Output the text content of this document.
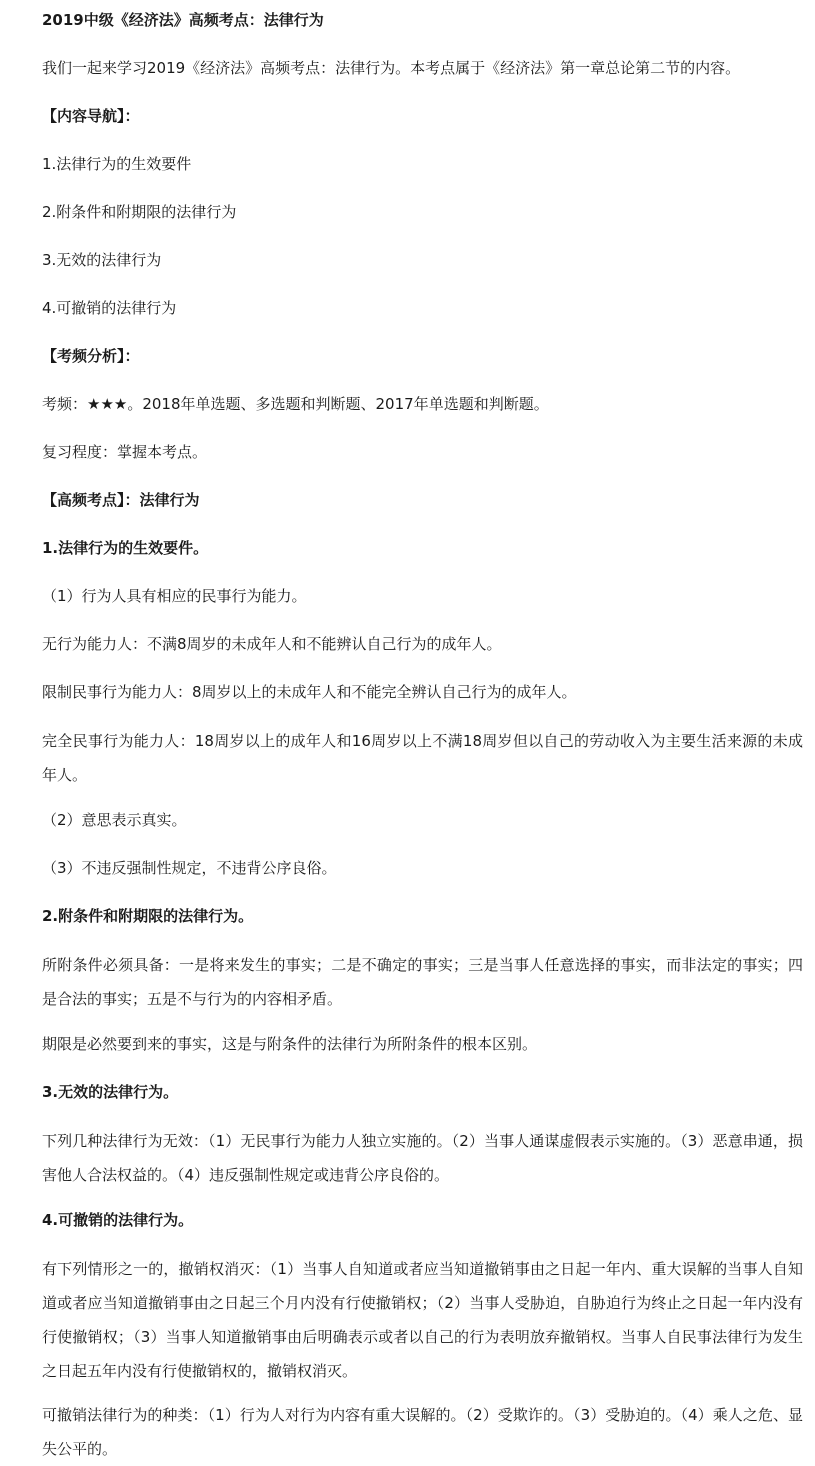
2019中级《经济法》高频考点：法律行为
我们一起来学习2019《经济法》高频考点：法律行为。本考点属于《经济法》第一章总论第二节的内容。
【内容导航】：
1.法律行为的生效要件
2.附条件和附期限的法律行为
3.无效的法律行为
4.可撤销的法律行为
【考频分析】：
考频：★★★。2018年单选题、多选题和判断题、2017年单选题和判断题。
复习程度：掌握本考点。
【高频考点】：法律行为
1.法律行为的生效要件。
（1）行为人具有相应的民事行为能力。
无行为能力人：不满8周岁的未成年人和不能辨认自己行为的成年人。
限制民事行为能力人：8周岁以上的未成年人和不能完全辨认自己行为的成年人。
完全民事行为能力人：18周岁以上的成年人和16周岁以上不满18周岁但以自己的劳动收入为主要生活来源的未成年人。
（2）意思表示真实。
（3）不违反强制性规定，不违背公序良俗。
2.附条件和附期限的法律行为。
所附条件必须具备：一是将来发生的事实；二是不确定的事实；三是当事人任意选择的事实，而非法定的事实；四是合法的事实；五是不与行为的内容相矛盾。
期限是必然要到来的事实，这是与附条件的法律行为所附条件的根本区别。
3.无效的法律行为。
下列几种法律行为无效：（1）无民事行为能力人独立实施的。（2）当事人通谋虚假表示实施的。（3）恶意串通，损害他人合法权益的。（4）违反强制性规定或违背公序良俗的。
4.可撤销的法律行为。
有下列情形之一的，撤销权消灭：（1）当事人自知道或者应当知道撤销事由之日起一年内、重大误解的当事人自知道或者应当知道撤销事由之日起三个月内没有行使撤销权；（2）当事人受胁迫，自胁迫行为终止之日起一年内没有行使撤销权；（3）当事人知道撤销事由后明确表示或者以自己的行为表明放弃撤销权。当事人自民事法律行为发生之日起五年内没有行使撤销权的，撤销权消灭。
可撤销法律行为的种类：（1）行为人对行为内容有重大误解的。（2）受欺诈的。（3）受胁迫的。（4）乘人之危、显失公平的。
